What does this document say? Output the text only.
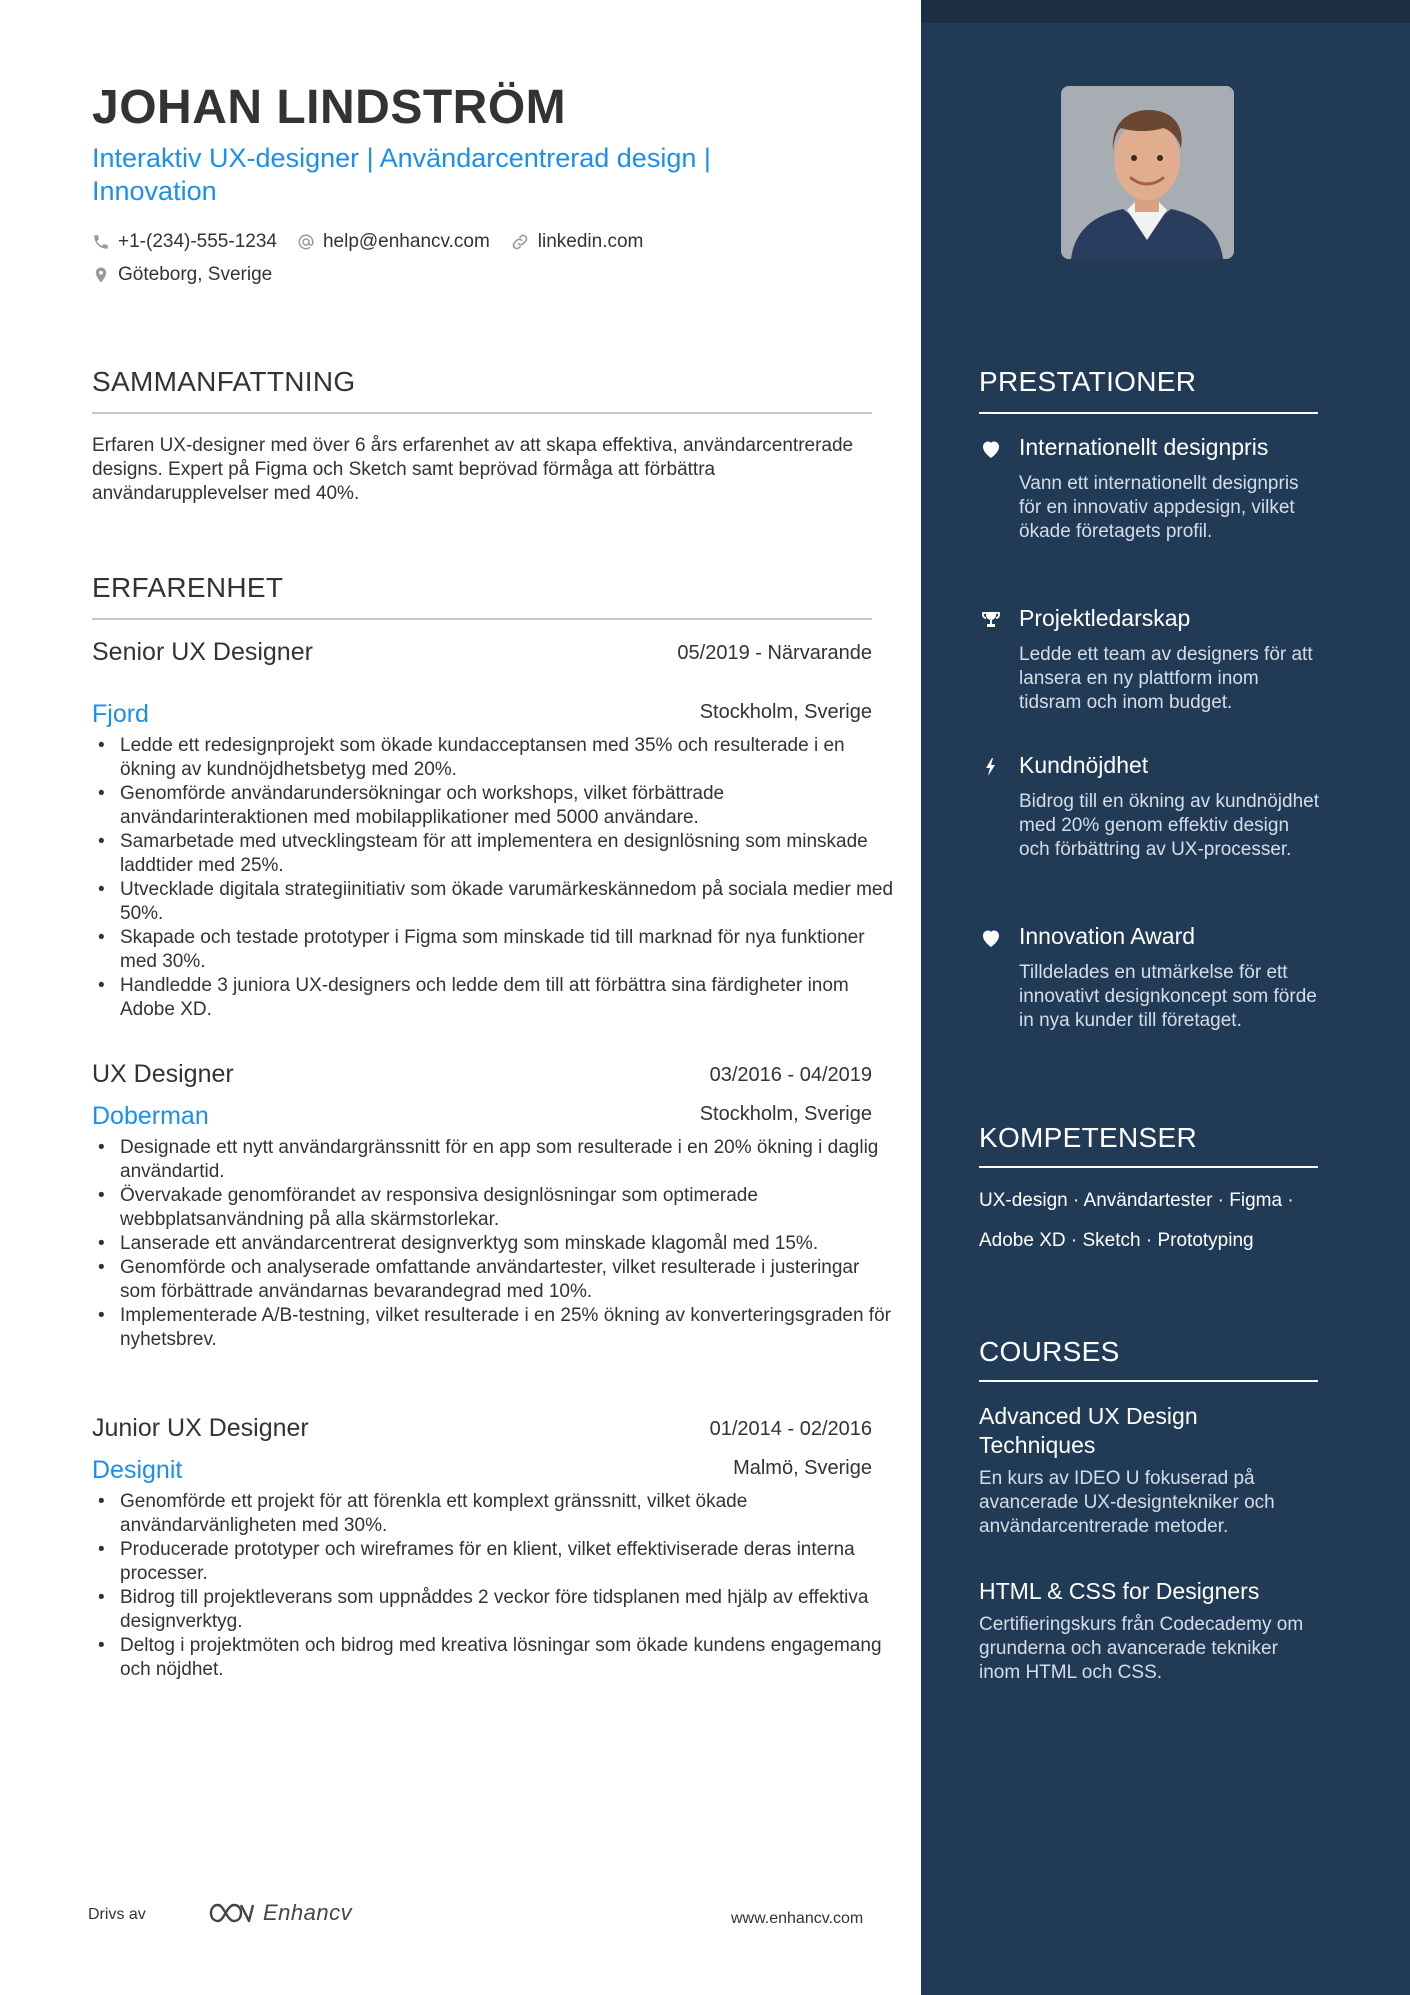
JOHAN LINDSTRÖM
Interaktiv UX-designer | Användarcentrerad design | Innovation
+1-(234)-555-1234 help@enhancv.com	linkedin.com
Göteborg, Sverige
SAMMANFATTNING
Erfaren UX-designer med över 6 års erfarenhet av att skapa effektiva, användarcentrerade designs. Expert på Figma och Sketch samt beprövad förmåga att förbättra användarupplevelser med 40%.
ERFARENHET
Senior UX Designer	05/2019 - Närvarande
Fjord	Stockholm, Sverige
• Ledde ett redesignprojekt som ökade kundacceptansen med 35% och resulterade i en ökning av kundnöjdhetsbetyg med 20%.
• Genomförde användarundersökningar och workshops, vilket förbättrade användarinteraktionen med mobilapplikationer med 5000 användare.
• Samarbetade med utvecklingsteam för att implementera en designlösning som minskade laddtider med 25%.
• Utvecklade digitala strategiinitiativ som ökade varumärkeskännedom på sociala medier med 50%.
• Skapade och testade prototyper i Figma som minskade tid till marknad för nya funktioner med 30%.
• Handledde 3 juniora UX-designers och ledde dem till att förbättra sina färdigheter inom Adobe XD.
UX Designer	03/2016 - 04/2019
Doberman	Stockholm, Sverige
• Designade ett nytt användargränssnitt för en app som resulterade i en 20% ökning i daglig användartid.
• Övervakade genomförandet av responsiva designlösningar som optimerade webbplatsanvändning på alla skärmstorlekar.
• Lanserade ett användarcentrerat designverktyg som minskade klagomål med 15%.
• Genomförde och analyserade omfattande användartester, vilket resulterade i justeringar som förbättrade användarnas bevarandegrad med 10%.
• Implementerade A/B-testning, vilket resulterade i en 25% ökning av konverteringsgraden för nyhetsbrev.
Junior UX Designer	01/2014 - 02/2016
Designit	Malmö, Sverige
• Genomförde ett projekt för att förenkla ett komplext gränssnitt, vilket ökade användarvänligheten med 30%.
• Producerade prototyper och wireframes för en klient, vilket effektiviserade deras interna processer.
• Bidrog till projektleverans som uppnåddes 2 veckor före tidsplanen med hjälp av effektiva designverktyg.
• Deltog i projektmöten och bidrog med kreativa lösningar som ökade kundens engagemang och nöjdhet.
Drivs av	Enhancv	www.enhancv.com
PRESTATIONER
Internationellt designpris
Vann ett internationellt designpris för en innovativ appdesign, vilket ökade företagets profil.
Projektledarskap
Ledde ett team av designers för att lansera en ny plattform inom tidsram och inom budget.
Kundnöjdhet
Bidrog till en ökning av kundnöjdhet med 20% genom effektiv design och förbättring av UX-processer.
Innovation Award
Tilldelades en utmärkelse för ett innovativt designkoncept som förde in nya kunder till företaget.
KOMPETENSER
UX-design · Användartester · Figma ·
Adobe XD · Sketch · Prototyping
COURSES
Advanced UX Design Techniques
En kurs av IDEO U fokuserad på avancerade UX-designtekniker och användarcentrerade metoder.
HTML & CSS for Designers
Certifieringskurs från Codecademy om grunderna och avancerade tekniker inom HTML och CSS.
